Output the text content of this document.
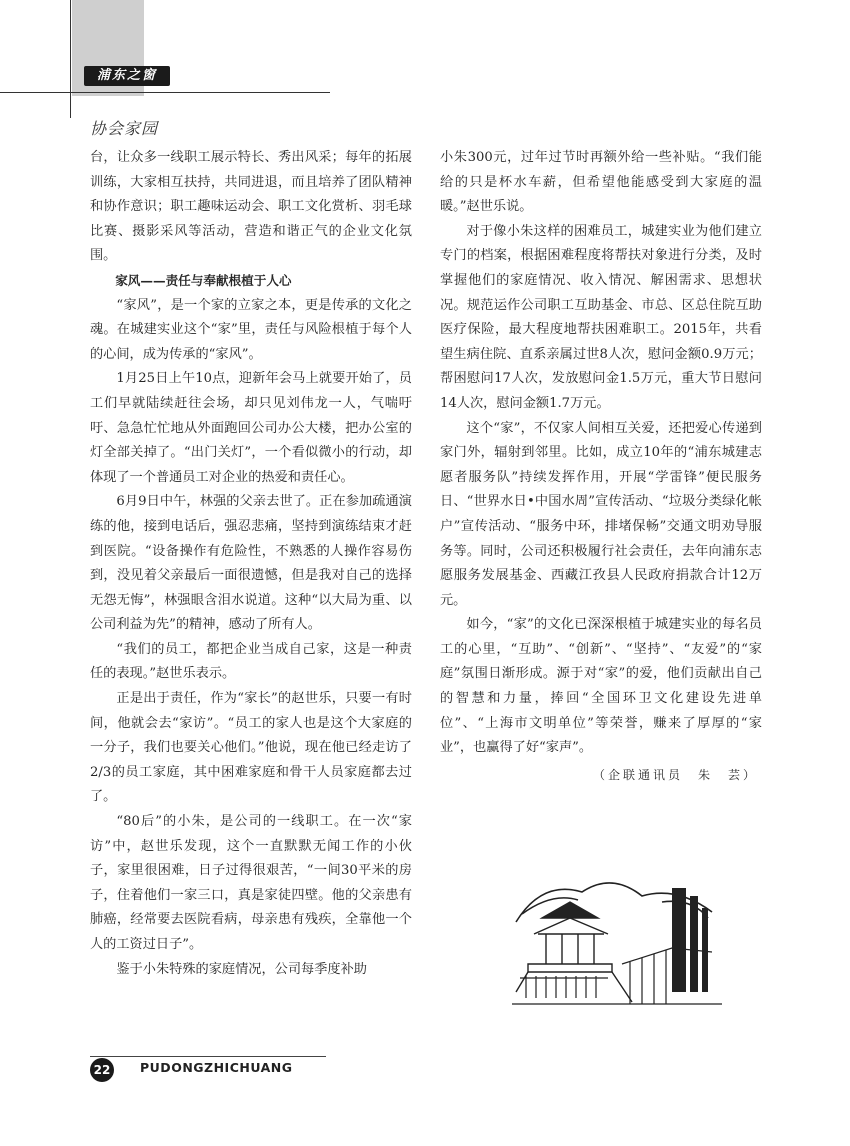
浦东之窗
协会家园

台，让众多一线职工展示特长、秀出风采；每年的拓展训练，大家相互扶持，共同进退，而且培养了团队精神和协作意识；职工趣味运动会、职工文化赏析、羽毛球比赛、摄影采风等活动，营造和谐正气的企业文化氛围。

家风——责任与奉献根植于人心

“家风”，是一个家的立家之本，更是传承的文化之魂。在城建实业这个“家”里，责任与风险根植于每个人的心间，成为传承的“家风”。

1月25日上午10点，迎新年会马上就要开始了，员工们早就陆续赶往会场，却只见刘伟龙一人，气喘吁吁、急急忙忙地从外面跑回公司办公大楼，把办公室的灯全部关掉了。“出门关灯”，一个看似微小的行动，却体现了一个普通员工对企业的热爱和责任心。

6月9日中午，林强的父亲去世了。正在参加疏通演练的他，接到电话后，强忍悲痛，坚持到演练结束才赶到医院。“设备操作有危险性，不熟悉的人操作容易伤到，没见着父亲最后一面很遗憾，但是我对自己的选择无怨无悔”，林强眼含泪水说道。这种“以大局为重、以公司利益为先”的精神，感动了所有人。

“我们的员工，都把企业当成自己家，这是一种责任的表现。”赵世乐表示。

正是出于责任，作为“家长”的赵世乐，只要一有时间，他就会去“家访”。“员工的家人也是这个大家庭的一分子，我们也要关心他们。”他说，现在他已经走访了2/3的员工家庭，其中困难家庭和骨干人员家庭都去过了。

“80后”的小朱，是公司的一线职工。在一次“家访”中，赵世乐发现，这个一直默默无闻工作的小伙子，家里很困难，日子过得很艰苦，“一间30平米的房子，住着他们一家三口，真是家徒四壁。他的父亲患有肺癌，经常要去医院看病，母亲患有残疾，全靠他一个人的工资过日子”。

鉴于小朱特殊的家庭情况，公司每季度补助

小朱300元，过年过节时再额外给一些补贴。“我们能给的只是杯水车薪，但希望他能感受到大家庭的温暖。”赵世乐说。

对于像小朱这样的困难员工，城建实业为他们建立专门的档案，根据困难程度将帮扶对象进行分类，及时掌握他们的家庭情况、收入情况、解困需求、思想状况。规范运作公司职工互助基金、市总、区总住院互助医疗保险，最大程度地帮扶困难职工。2015年，共看望生病住院、直系亲属过世8人次，慰问金额0.9万元；帮困慰问17人次，发放慰问金1.5万元，重大节日慰问14人次，慰问金额1.7万元。

这个“家”，不仅家人间相互关爱，还把爱心传递到家门外，辐射到邻里。比如，成立10年的“浦东城建志愿者服务队”持续发挥作用，开展“学雷锋”便民服务日、“世界水日•中国水周”宣传活动、“垃圾分类绿化帐户”宣传活动、“服务中环，排堵保畅”交通文明劝导服务等。同时，公司还积极履行社会责任，去年向浦东志愿服务发展基金、西藏江孜县人民政府捐款合计12万元。

如今，“家”的文化已深深根植于城建实业的每名员工的心里，“互助”、“创新”、“坚持”、“友爱”的“家庭”氛围日渐形成。源于对“家”的爱，他们贡献出自己的智慧和力量，捧回“全国环卫文化建设先进单位”、“上海市文明单位”等荣誉，赚来了厚厚的“家业”，也赢得了好“家声”。

（企联通讯员　朱　芸）

22 PUDONGZHICHUANG
